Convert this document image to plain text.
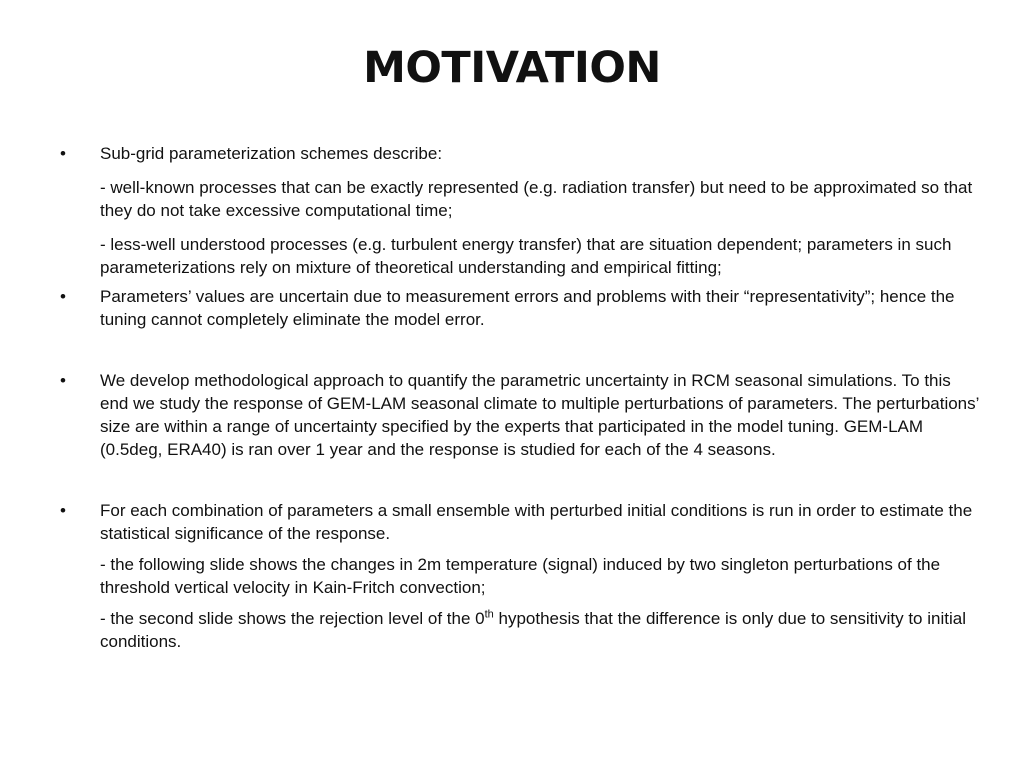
MOTIVATION
•	Sub-grid parameterization schemes describe:
- well-known processes that can be exactly represented (e.g. radiation transfer) but need to be approximated so that they do not take excessive computational time;
- less-well understood processes (e.g. turbulent energy transfer) that are situation dependent; parameters in such parameterizations rely on mixture of theoretical understanding and empirical fitting;
•	Parameters’ values are uncertain due to measurement errors and problems with their “representativity”; hence the tuning cannot completely eliminate the model error.
•	We develop methodological approach to quantify the parametric uncertainty in RCM seasonal simulations. To this end we study the response of GEM-LAM seasonal climate to multiple perturbations of parameters. The perturbations’ size are within a range of uncertainty specified by the experts that participated in the model tuning. GEM-LAM (0.5deg, ERA40) is ran over 1 year and the response is studied for each of the 4 seasons.
•	For each combination of parameters a small ensemble with perturbed initial conditions is run in order to estimate the statistical significance of the response.
- the following slide shows the changes in 2m temperature (signal) induced by two singleton perturbations of the threshold vertical velocity in Kain-Fritch convection;
- the second slide shows the rejection level of the 0th hypothesis that the difference is only due to sensitivity to initial conditions.
